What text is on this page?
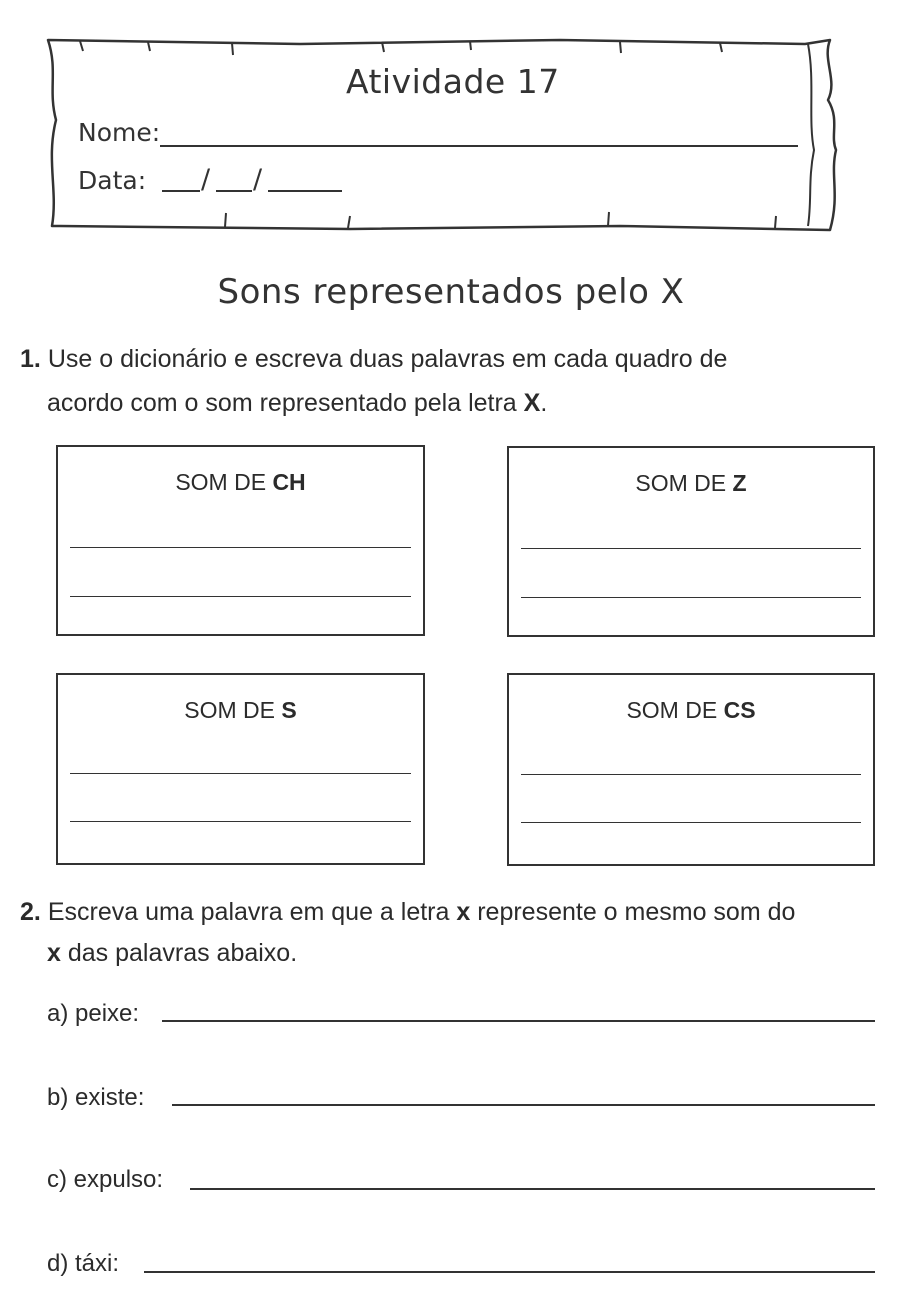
Atividade 17
Nome:
Data: / /
Sons representados pelo X
1. Use o dicionário e escreva duas palavras em cada quadro de
acordo com o som representado pela letra X.
SOM DE CH	SOM DE Z
SOM DE S	SOM DE CS
2. Escreva uma palavra em que a letra x represente o mesmo som do
x das palavras abaixo.
a) peixe:
b) existe:
c) expulso:
d) táxi:
